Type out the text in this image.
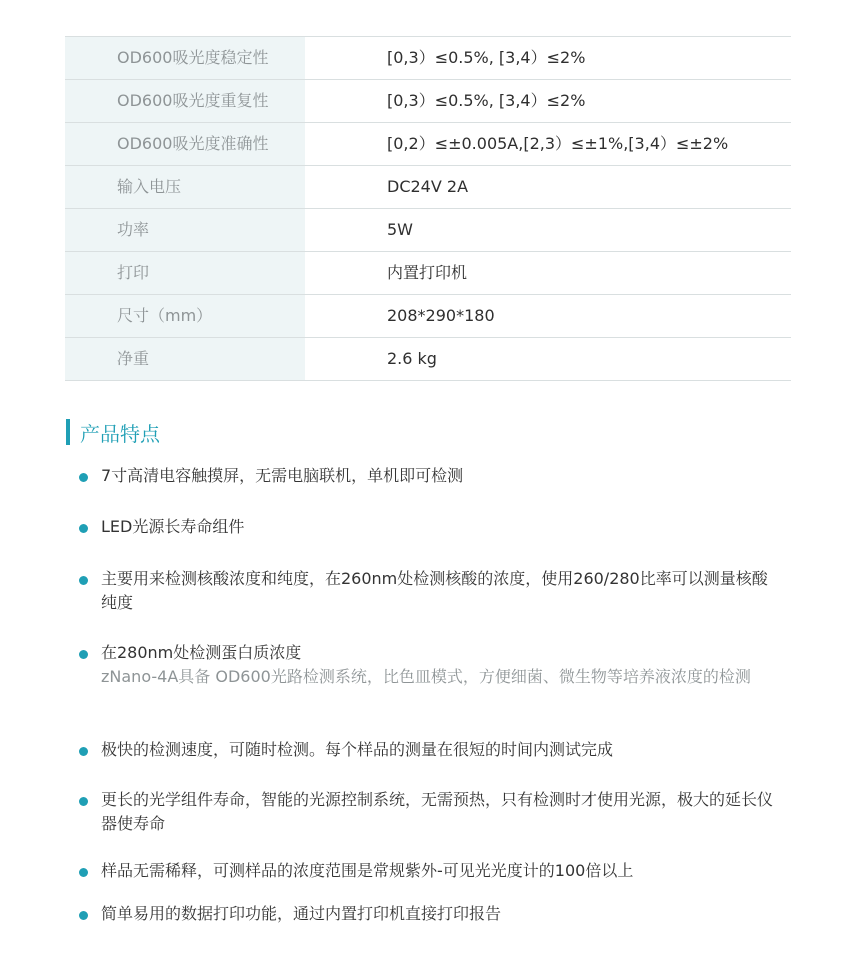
OD600吸光度稳定性	[0,3）≤0.5%, [3,4）≤2%
OD600吸光度重复性	[0,3）≤0.5%, [3,4）≤2%
OD600吸光度准确性	[0,2）≤±0.005A,[2,3）≤±1%,[3,4）≤±2%
输入电压	DC24V 2A
功率	5W
打印	内置打印机
尺寸（mm）	208*290*180
净重	2.6 kg
产品特点
7寸高清电容触摸屏，无需电脑联机，单机即可检测
LED光源长寿命组件
主要用来检测核酸浓度和纯度，在260nm处检测核酸的浓度，使用260/280比率可以测量核酸纯度
在280nm处检测蛋白质浓度
zNano-4A具备 OD600光路检测系统，比色皿模式，方便细菌、微生物等培养液浓度的检测
极快的检测速度，可随时检测。每个样品的测量在很短的时间内测试完成
更长的光学组件寿命，智能的光源控制系统，无需预热，只有检测时才使用光源，极大的延长仪器使寿命
样品无需稀释，可测样品的浓度范围是常规紫外-可见光光度计的100倍以上
简单易用的数据打印功能，通过内置打印机直接打印报告
